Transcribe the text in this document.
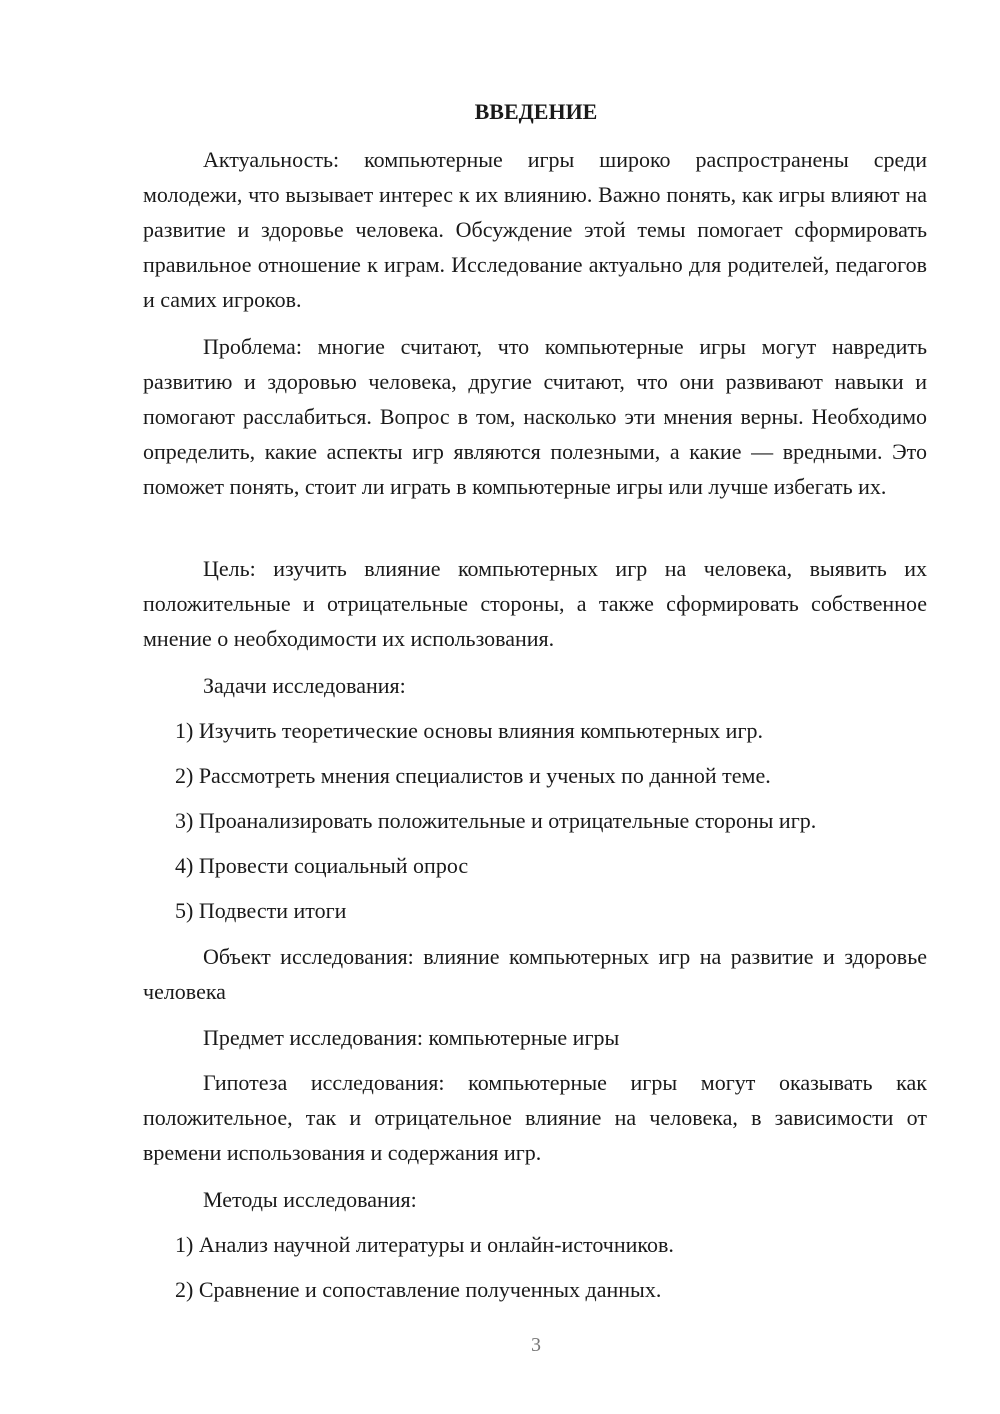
ВВЕДЕНИЕ

Актуальность: компьютерные игры широко распространены среди молодежи, что вызывает интерес к их влиянию. Важно понять, как игры влияют на развитие и здоровье человека. Обсуждение этой темы помогает сформировать правильное отношение к играм. Исследование актуально для родителей, педагогов и самих игроков.

Проблема: многие считают, что компьютерные игры могут навредить развитию и здоровью человека, другие считают, что они развивают навыки и помогают расслабиться. Вопрос в том, насколько эти мнения верны. Необходимо определить, какие аспекты игр являются полезными, а какие — вредными. Это поможет понять, стоит ли играть в компьютерные игры или лучше избегать их.

Цель: изучить влияние компьютерных игр на человека, выявить их положительные и отрицательные стороны, а также сформировать собственное мнение о необходимости их использования.

Задачи исследования:

1) Изучить теоретические основы влияния компьютерных игр.

2) Рассмотреть мнения специалистов и ученых по данной теме.

3) Проанализировать положительные и отрицательные стороны игр.

4) Провести социальный опрос

5) Подвести итоги

Объект исследования: влияние компьютерных игр на развитие и здоровье человека

Предмет исследования: компьютерные игры

Гипотеза исследования: компьютерные игры могут оказывать как положительное, так и отрицательное влияние на человека, в зависимости от времени использования и содержания игр.

Методы исследования:

1) Анализ научной литературы и онлайн-источников.

2) Сравнение и сопоставление полученных данных.

3
